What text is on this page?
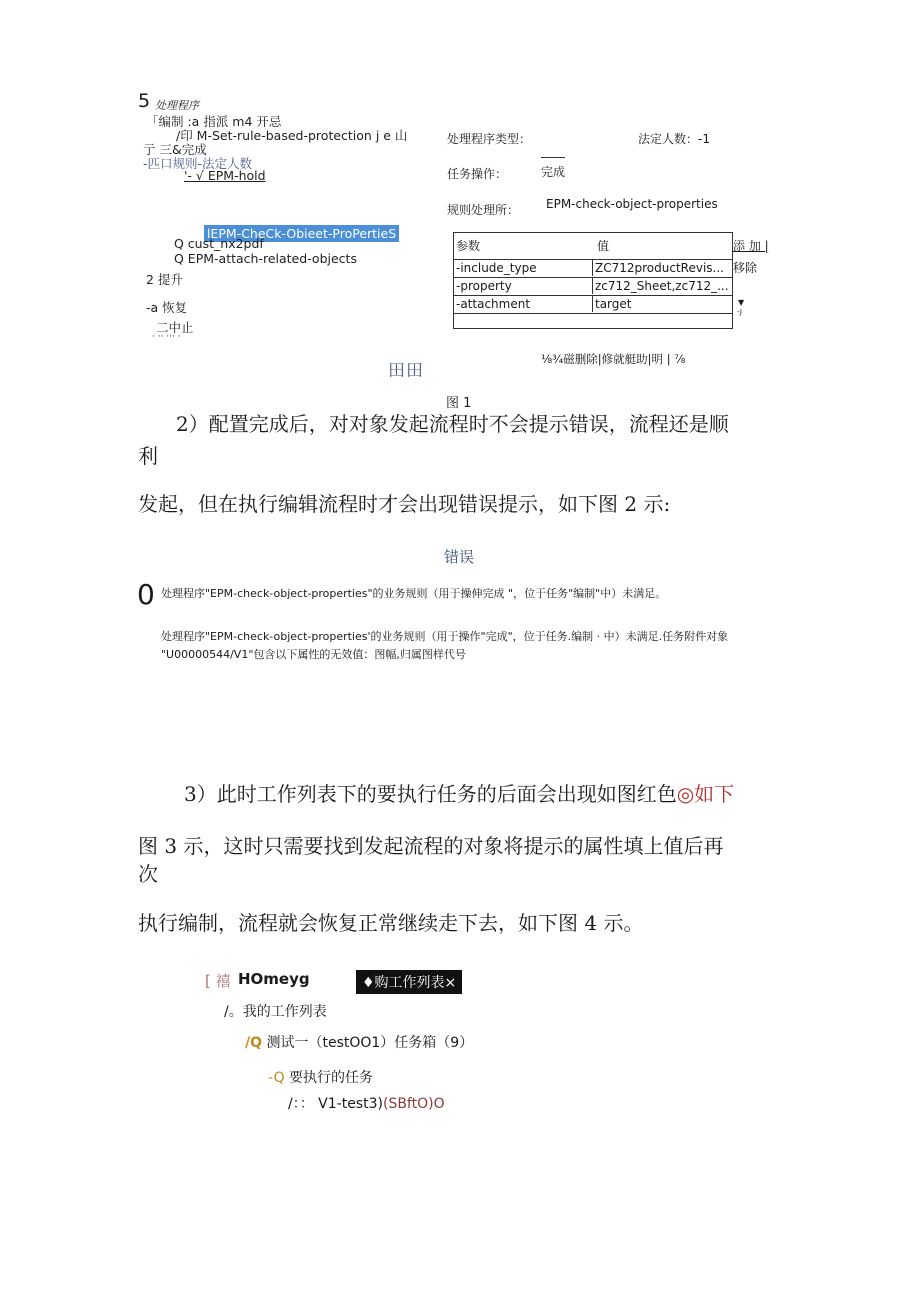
5 处理程序
「编制 :a 指派 m4 开忌
/印 M-Set-rule-based-protection j e 山
亍 三&完成
-匹口规则-法定人数
'- √ EPM-hold
lEPM-CheCk-Obieet-ProPertieS
Q cust_nx2pdf
Q EPM-attach-related-objects
2 提升
-a 恢复
二中止
· ·· ··· ·
处理程序类型：	法定人数：-1
任务操作：	完成
规则处理所： EPM-check-object-properties
参数	值
-include_type	ZC712productRevis...
-property	zc712_Sheet,zc712_...
-attachment	target
添 加 |
移除
▼
-J
田田
⅛¾磁删除|修就艇助|明 | ⅞
图 1
2）配置完成后，对对象发起流程时不会提示错误，流程还是顺
利
发起，但在执行编辑流程时才会出现错误提示，如下图 2 示:
错误
0 处理程序"EPM-check-object-properties"的业务规则（用于操伸完成 "，位于任务"编制"中）未满足。
处理程序"EPM-check-object-properties'的业务规则（用于操作"完成"，位于任务.编制 · 中）未满足.任务附件对象
"U00000544/V1"包含以下属性的无效值：图幅,归属图样代号
3）此时工作列表下的要执行任务的后面会出现如图红色◎如下
图 3 示，这时只需要找到发起流程的对象将提示的属性填上值后再
次
执行编制，流程就会恢复正常继续走下去，如下图 4 示。
[ 禧 HOmeyg	♦购工作列表×
/。我的工作列表
/Q 测试一（testOO1）任务箱（9）
-Q 要执行的任务
/：： V1-test3)(SBftO)O
